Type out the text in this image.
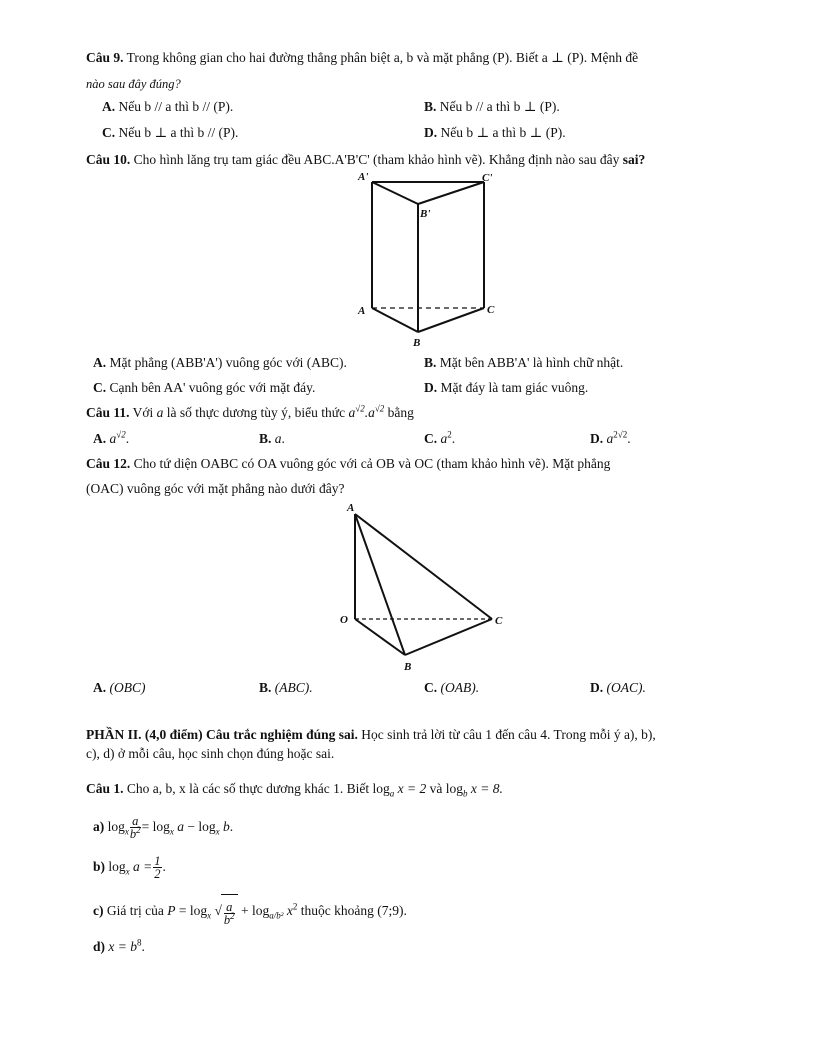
Câu 9. Trong không gian cho hai đường thẳng phân biệt a, b và mặt phẳng (P). Biết a ⊥ (P). Mệnh đề
nào sau đây đúng?
A. Nếu b // a thì b // (P).	B. Nếu b // a thì b ⊥ (P).
C. Nếu b ⊥ a thì b // (P).	D. Nếu b ⊥ a thì b ⊥ (P).
Câu 10. Cho hình lăng trụ tam giác đều ABC.A'B'C' (tham khảo hình vẽ). Khẳng định nào sau đây sai?
A'	C'
B'
A	C
B
A. Mặt phẳng (ABB'A') vuông góc với (ABC).	B. Mặt bên ABB'A' là hình chữ nhật.
C. Cạnh bên AA' vuông góc với mặt đáy.	D. Mặt đáy là tam giác vuông.
Câu 11. Với a là số thực dương tùy ý, biểu thức $a^{√2}.a^{√2}$ bằng
A. $a^{√2}$.	B. a.	C. $a^2$.	D. $a^{2√2}$.
Câu 12. Cho tứ diện OABC có OA vuông góc với cả OB và OC (tham khảo hình vẽ). Mặt phẳng
(OAC) vuông góc với mặt phẳng nào dưới đây?
A
O	C
B
A. (OBC)	B. (ABC).	C. (OAB).	D. (OAC).
PHẦN II. (4,0 điểm) Câu trắc nghiệm đúng sai. Học sinh trả lời từ câu 1 đến câu 4. Trong mỗi ý a), b),
c), d) ở mỗi câu, học sinh chọn đúng hoặc sai.
Câu 1. Cho a, b, x là các số thực dương khác 1. Biết $\log_a x = 2$ và $\log_b x = 8$.
a) $\log_x \frac{a}{b^2} = \log_x a - \log_x b$.
b) $\log_x a = \frac{1}{2}$ .
c) Giá trị của $P = \log_x$ √ $\frac{a}{b^2} + \log_{a/b^2} x^2$ thuộc khoảng (7;9).
d) $x = b^8$.
